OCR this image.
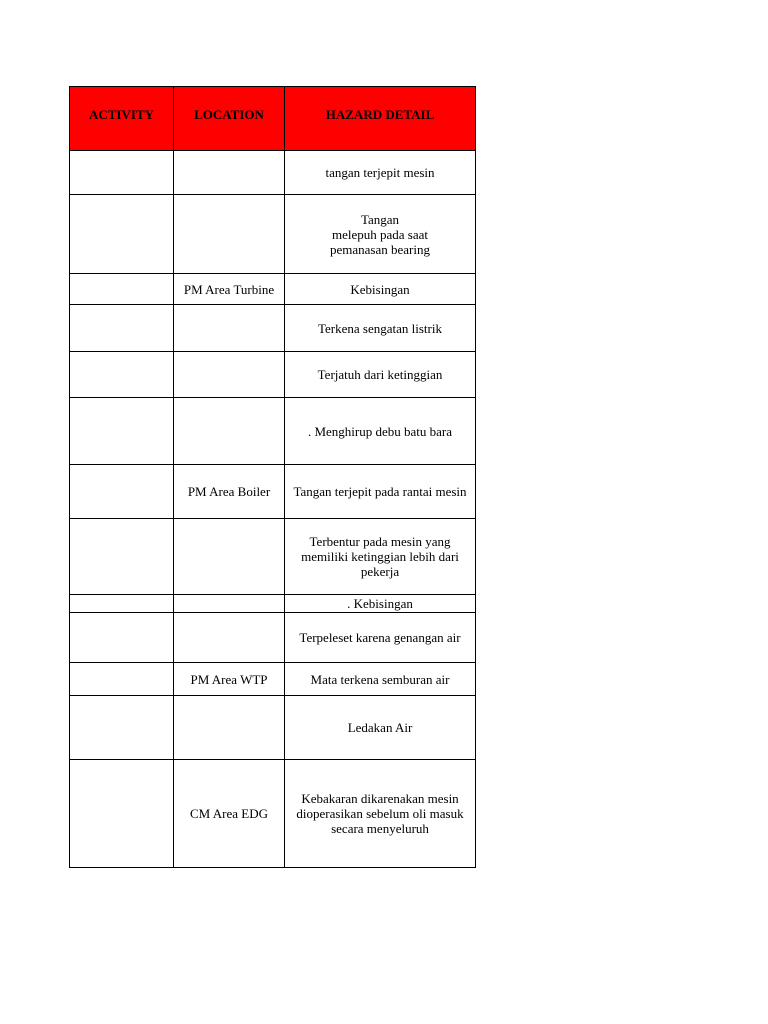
ACTIVITY	LOCATION	HAZARD DETAIL
		tangan terjepit mesin
		Tangan
melepuh pada saat
pemanasan bearing
	PM Area Turbine	Kebisingan
		Terkena sengatan listrik
		Terjatuh dari ketinggian
		. Menghirup debu batu bara
	PM Area Boiler	Tangan terjepit pada rantai mesin
		Terbentur pada mesin yang
memiliki ketinggian lebih dari
pekerja
		. Kebisingan
		Terpeleset karena genangan air
	PM Area WTP	Mata terkena semburan air
		Ledakan Air
	CM Area EDG	Kebakaran dikarenakan mesin
dioperasikan sebelum oli masuk
secara menyeluruh
